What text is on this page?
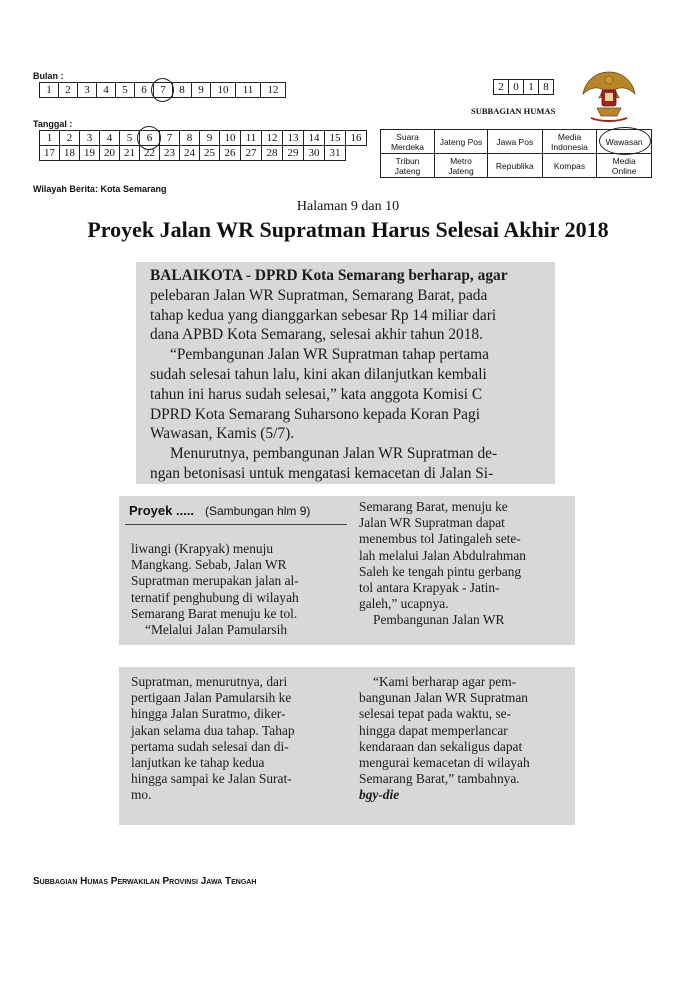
Bulan :
1	2	3	4	5	6	7	8	9	10	11	12
Tanggal :
1	2	3	4	5	6	7	8	9	10	11	12	13	14	15	16
17	18	19	20	21	22	23	24	25	26	27	28	29	30	31	
Wilayah Berita: Kota Semarang
2	0	1	8
SUBBAGIAN HUMAS
Suara Merdeka	Jateng Pos	Jawa Pos	Media Indonesia	Wawasan

Tribun Jateng	Metro Jateng	Republika	Kompas	Media Online
Halaman 9 dan 10
Proyek Jalan WR Supratman Harus Selesai Akhir 2018

BALAIKOTA - DPRD Kota Semarang berharap, agar

pelebaran Jalan WR Supratman, Semarang Barat, pada

tahap kedua yang dianggarkan sebesar Rp 14 miliar dari

dana APBD Kota Semarang, selesai akhir tahun 2018.

“Pembangunan Jalan WR Supratman tahap pertama

sudah selesai tahun lalu, kini akan dilanjutkan kembali

tahun ini harus sudah selesai,” kata anggota Komisi C

DPRD Kota Semarang Suharsono kepada Koran Pagi

Wawasan, Kamis (5/7).

Menurutnya, pembangunan Jalan WR Supratman de-

ngan betonisasi untuk mengatasi kemacetan di Jalan Si-

Proyek ..... (Sambungan hlm 9)

liwangi (Krapyak) menuju

Mangkang. Sebab, Jalan WR

Supratman merupakan jalan al-

ternatif penghubung di wilayah

Semarang Barat menuju ke tol.

“Melalui Jalan Pamularsih

Semarang Barat, menuju ke

Jalan WR Supratman dapat

menembus tol Jatingaleh sete-

lah melalui Jalan Abdulrahman

Saleh ke tengah pintu gerbang

tol antara Krapyak - Jatin-

galeh,” ucapnya.

Pembangunan Jalan WR

Supratman, menurutnya, dari

pertigaan Jalan Pamularsih ke

hingga Jalan Suratmo, diker-

jakan selama dua tahap. Tahap

pertama sudah selesai dan di-

lanjutkan ke tahap kedua

hingga sampai ke Jalan Surat-

mo.

“Kami berharap agar pem-

bangunan Jalan WR Supratman

selesai tepat pada waktu, se-

hingga dapat memperlancar

kendaraan dan sekaligus dapat

mengurai kemacetan di wilayah

Semarang Barat,” tambahnya.

bgy-die

Subbagian Humas Perwakilan Provinsi Jawa Tengah
